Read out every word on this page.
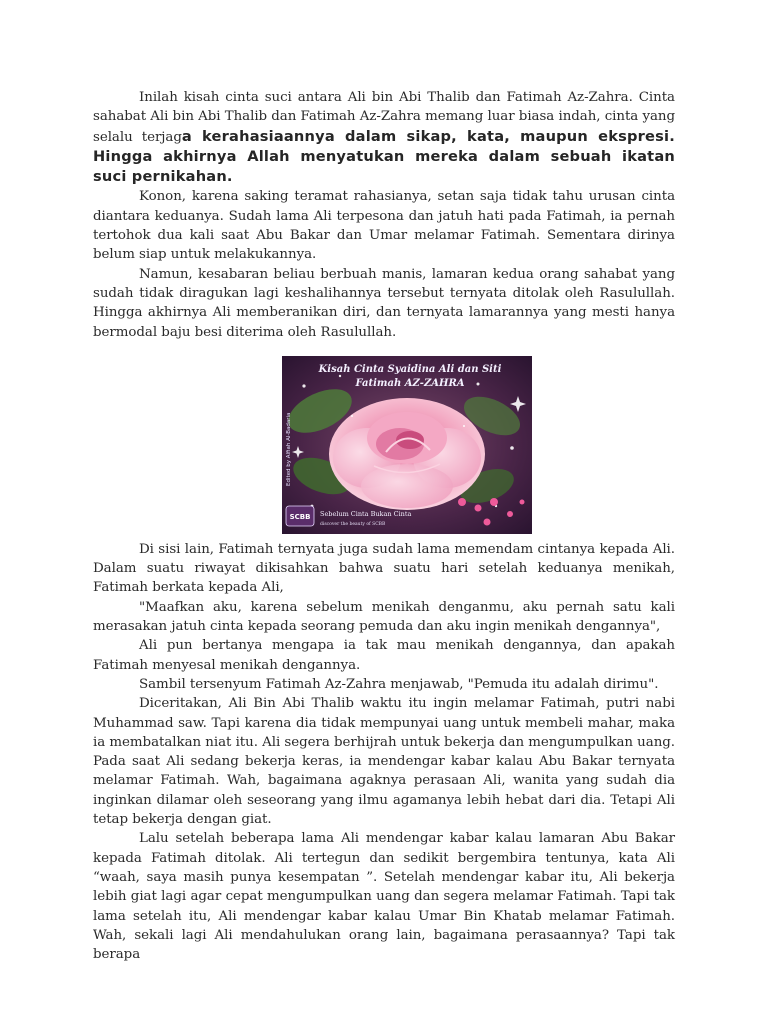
Inilah kisah cinta suci antara Ali bin Abi Thalib dan Fatimah Az-Zahra. Cinta sahabat Ali bin Abi Thalib dan Fatimah Az-Zahra memang luar biasa indah, cinta yang selalu terjaga kerahasiaannya dalam sikap, kata, maupun ekspresi. Hingga akhirnya Allah menyatukan mereka dalam sebuah ikatan suci pernikahan.

Konon, karena saking teramat rahasianya, setan saja tidak tahu urusan cinta diantara keduanya. Sudah lama Ali terpesona dan jatuh hati pada Fatimah, ia pernah tertohok dua kali saat Abu Bakar dan Umar melamar Fatimah. Sementara dirinya belum siap untuk melakukannya.

Namun, kesabaran beliau berbuah manis, lamaran kedua orang sahabat yang sudah tidak diragukan lagi keshalihannya tersebut ternyata ditolak oleh Rasulullah. Hingga akhirnya Ali memberanikan diri, dan ternyata lamarannya yang mesti hanya bermodal baju besi diterima oleh Rasulullah.

Kisah Cinta Syaidina Ali dan Siti
Fatimah AZ-ZAHRA
Edited by Alfiah Al-Badaria
SCBB Sebelum Cinta Bukan Cinta
discover the beauty of SCBB

Di sisi lain, Fatimah ternyata juga sudah lama memendam cintanya kepada Ali. Dalam suatu riwayat dikisahkan bahwa suatu hari setelah keduanya menikah, Fatimah berkata kepada Ali,

"Maafkan aku, karena sebelum menikah denganmu, aku pernah satu kali merasakan jatuh cinta kepada seorang pemuda dan aku ingin menikah dengannya",

Ali pun bertanya mengapa ia tak mau menikah dengannya, dan apakah Fatimah menyesal menikah dengannya.

Sambil tersenyum Fatimah Az-Zahra menjawab, "Pemuda itu adalah dirimu".

Diceritakan, Ali Bin Abi Thalib waktu itu ingin melamar Fatimah, putri nabi Muhammad saw. Tapi karena dia tidak mempunyai uang untuk membeli mahar, maka ia membatalkan niat itu. Ali segera berhijrah untuk bekerja dan mengumpulkan uang. Pada saat Ali sedang bekerja keras, ia mendengar kabar kalau Abu Bakar ternyata melamar Fatimah. Wah, bagaimana agaknya perasaan Ali, wanita yang sudah dia inginkan dilamar oleh seseorang yang ilmu agamanya lebih hebat dari dia. Tetapi Ali tetap bekerja dengan giat.

Lalu setelah beberapa lama Ali mendengar kabar kalau lamaran Abu Bakar kepada Fatimah ditolak. Ali tertegun dan sedikit bergembira tentunya, kata Ali “waah, saya masih punya kesempatan ”. Setelah mendengar kabar itu, Ali bekerja lebih giat lagi agar cepat mengumpulkan uang dan segera melamar Fatimah. Tapi tak lama setelah itu, Ali mendengar kabar kalau Umar Bin Khatab melamar Fatimah. Wah, sekali lagi Ali mendahulukan orang lain, bagaimana perasaannya? Tapi tak berapa
